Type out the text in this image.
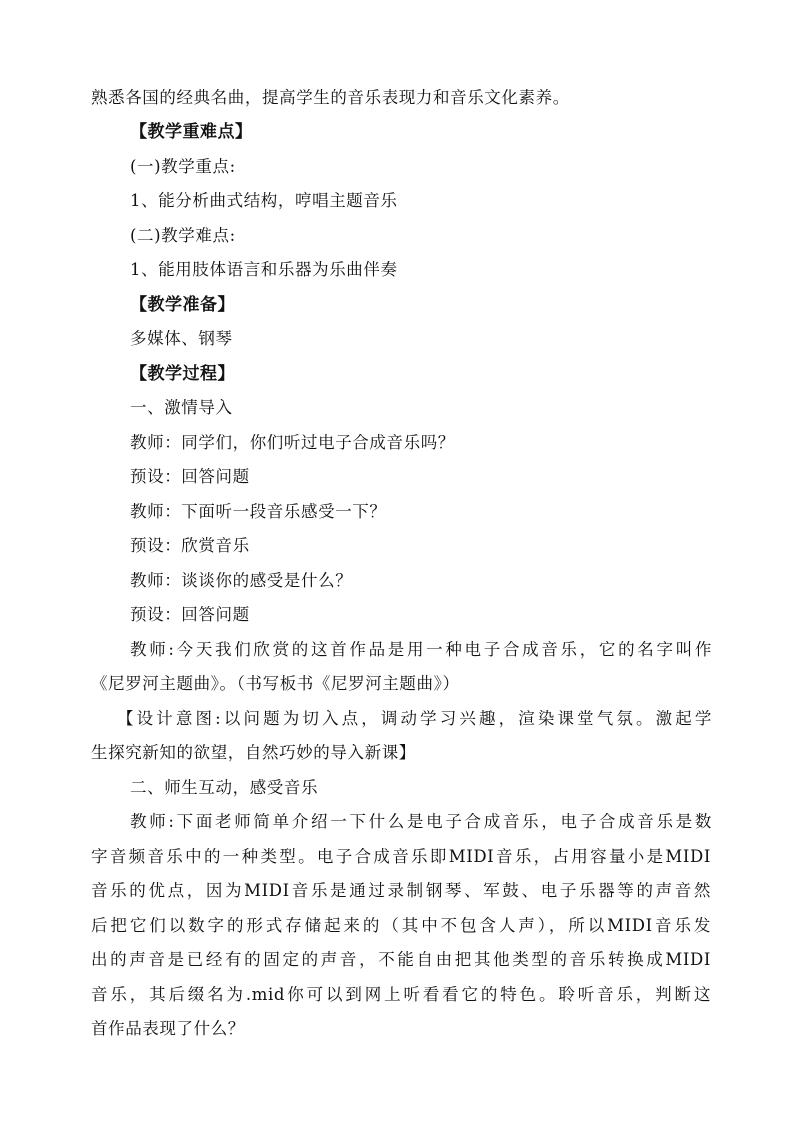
熟悉各国的经典名曲，提高学生的音乐表现力和音乐文化素养。
【教学重难点】
(一)教学重点:
1、能分析曲式结构，哼唱主题音乐
(二)教学难点:
1、能用肢体语言和乐器为乐曲伴奏
【教学准备】
多媒体、钢琴
【教学过程】
一、激情导入
教师：同学们，你们听过电子合成音乐吗？
预设：回答问题
教师：下面听一段音乐感受一下？
预设：欣赏音乐
教师：谈谈你的感受是什么？
预设：回答问题
教师:今天我们欣赏的这首作品是用一种电子合成音乐，它的名字叫作
《尼罗河主题曲》。（书写板书《尼罗河主题曲》）
【设计意图:以问题为切入点，调动学习兴趣，渲染课堂气氛。激起学
生探究新知的欲望，自然巧妙的导入新课】
二、师生互动，感受音乐
教师:下面老师简单介绍一下什么是电子合成音乐，电子合成音乐是数
字音频音乐中的一种类型。电子合成音乐即MIDI音乐，占用容量小是MIDI
音乐的优点，因为MIDI音乐是通过录制钢琴、军鼓、电子乐器等的声音然
后把它们以数字的形式存储起来的（其中不包含人声），所以MIDI音乐发
出的声音是已经有的固定的声音，不能自由把其他类型的音乐转换成MIDI
音乐，其后缀名为.mid你可以到网上听看看它的特色。聆听音乐，判断这
首作品表现了什么？
